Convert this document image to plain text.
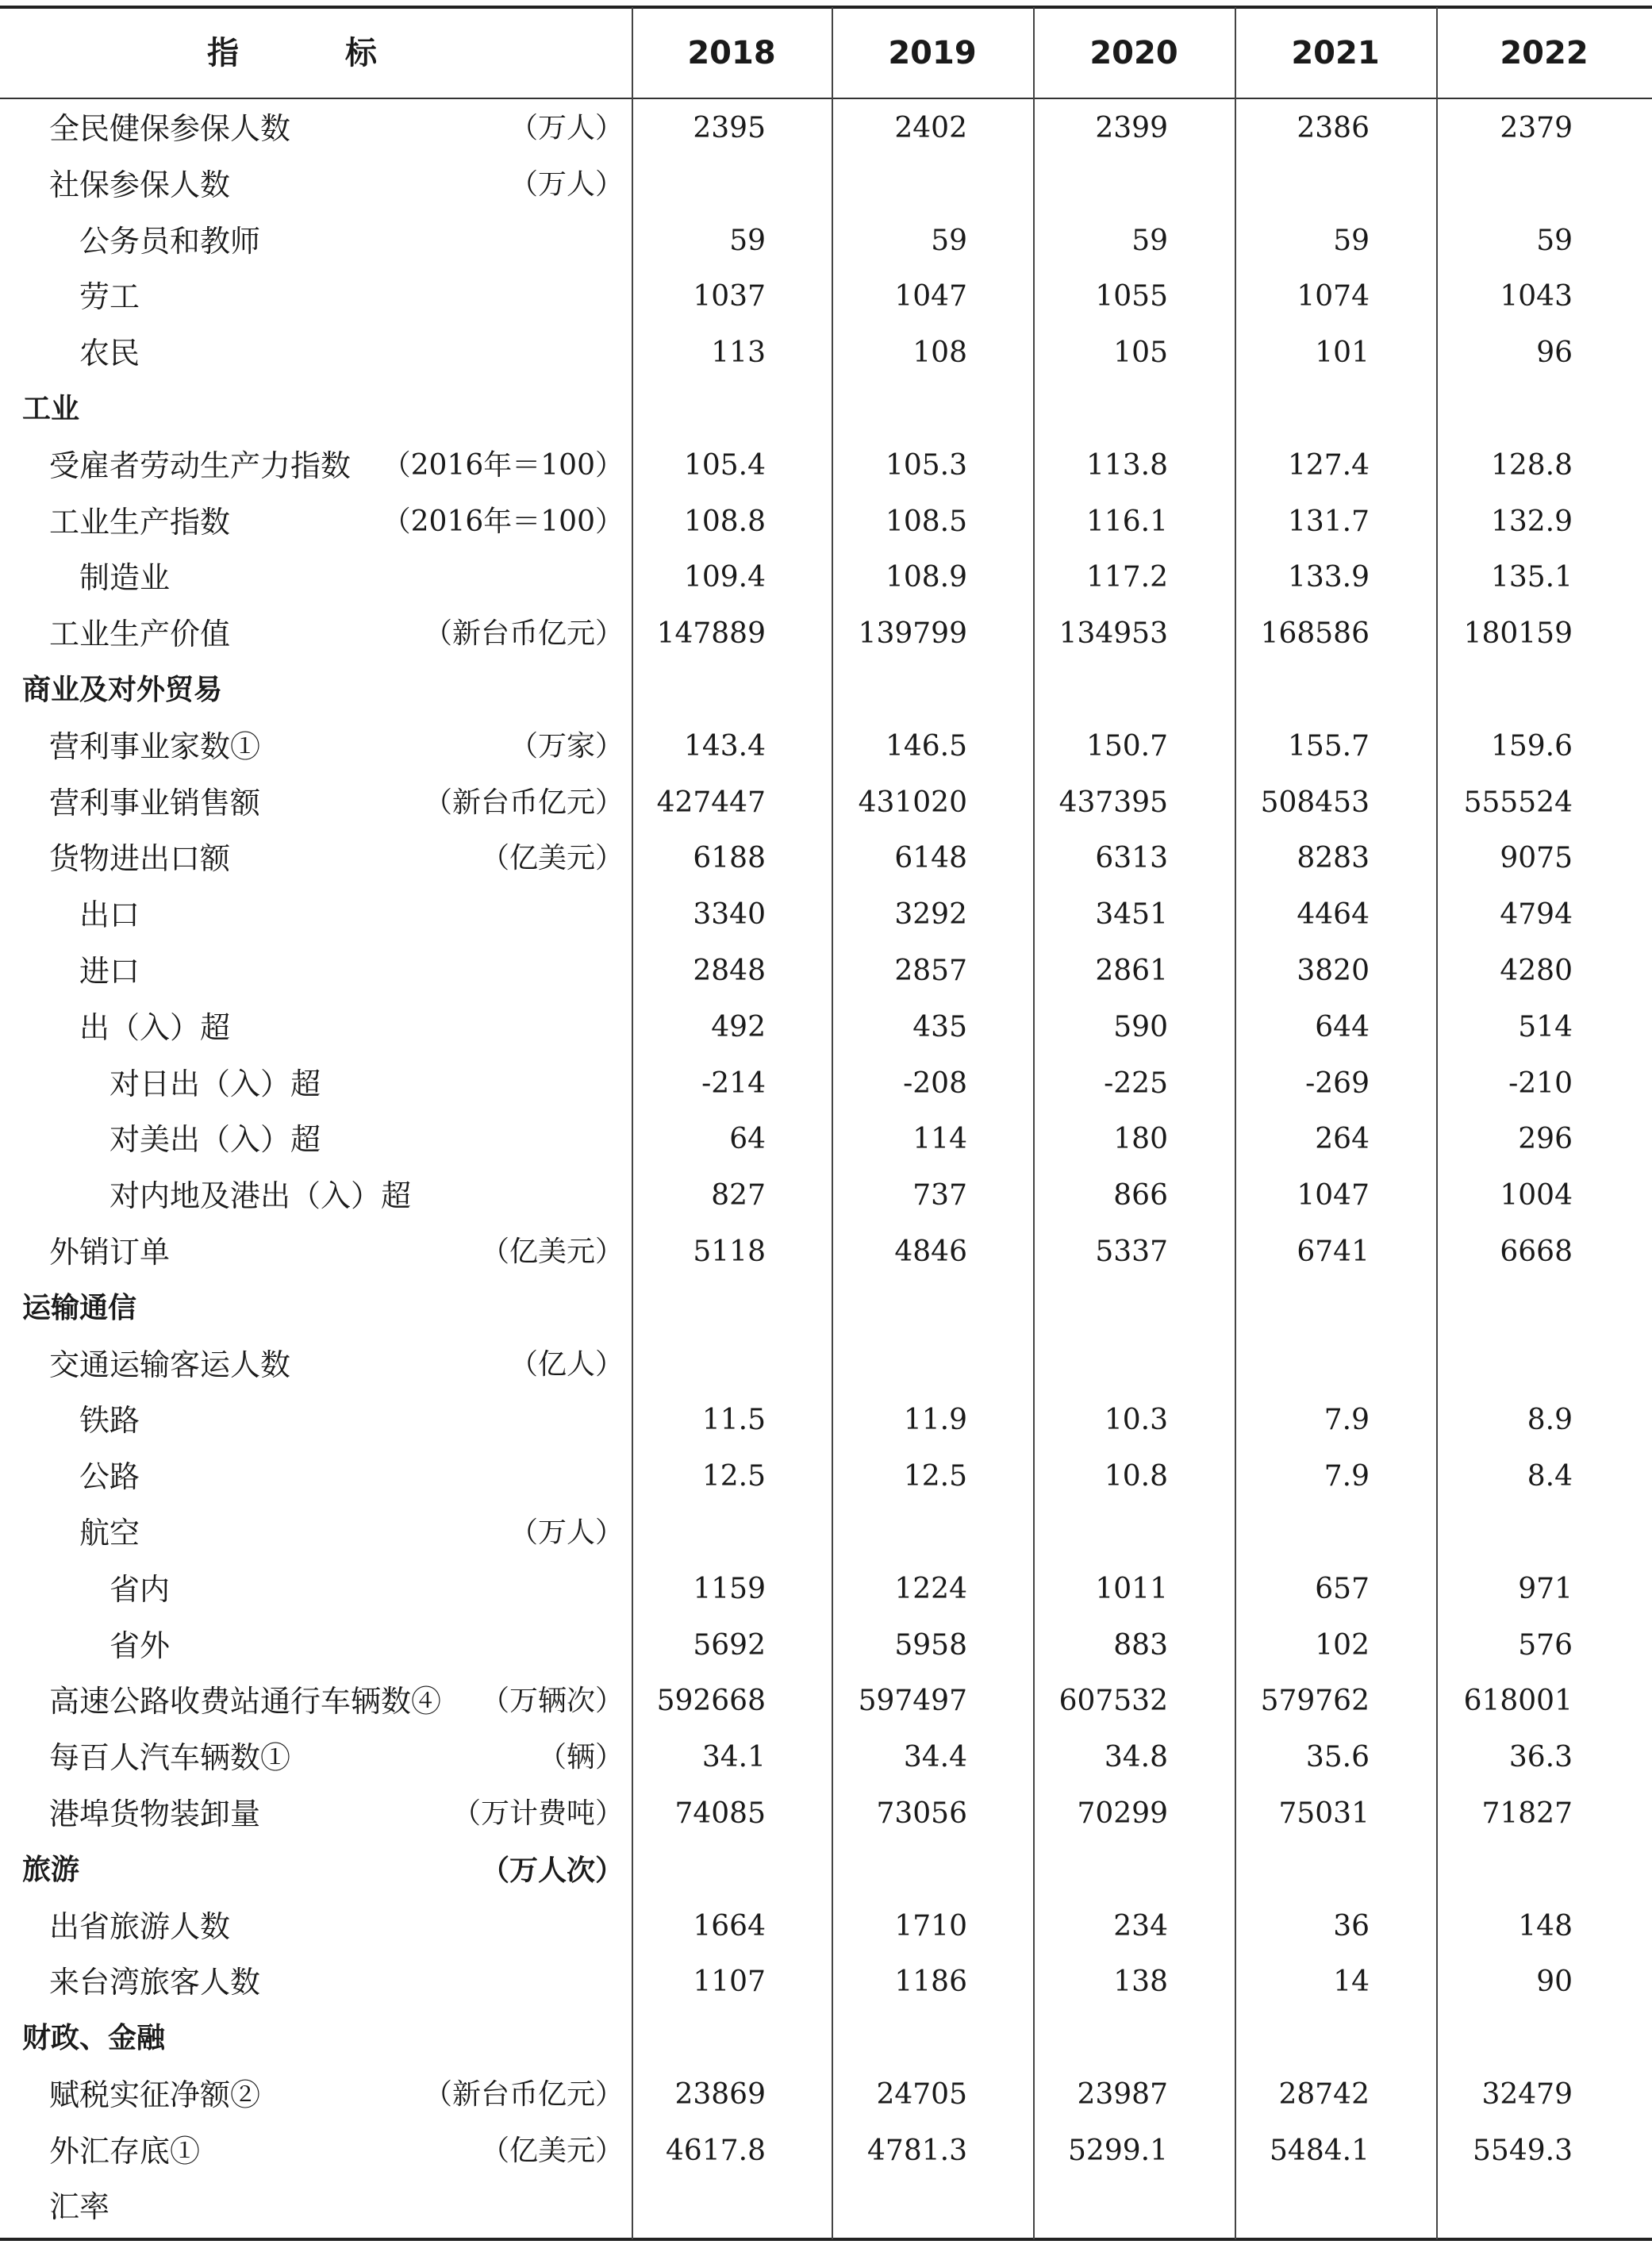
指 标	2018	2019	2020	2021	2022
全民健保参保人数	（万人） 2395	2402	2399	2386	2379
社保参保人数	（万人）
公务员和教师	59	59	59	59	59
劳工	1037	1047	1055	1074	1043
农民	113	108	105	101	96
工业
受雇者劳动生产力指数 （2016年＝100） 105.4	105.3	113.8	127.4	128.8
工业生产指数	（2016年＝100） 108.8	108.5	116.1	131.7	132.9
制造业	109.4	108.9	117.2	133.9	135.1
工业生产价值	（新台币亿元） 147889	139799	134953	168586	180159
商业及对外贸易
营利事业家数①	（万家） 143.4	146.5	150.7	155.7	159.6
营利事业销售额	（新台币亿元） 427447	431020	437395	508453	555524
货物进出口额	（亿美元） 6188	6148	6313	8283	9075
出口	3340	3292	3451	4464	4794
进口	2848	2857	2861	3820	4280
出（入）超	492	435	590	644	514
对日出（入）超	-214	-208	-225	-269	-210
对美出（入）超	64	114	180	264	296
对内地及港出（入）超	827	737	866	1047	1004
外销订单	（亿美元） 5118	4846	5337	6741	6668
运输通信
交通运输客运人数	（亿人）
铁路	11.5	11.9	10.3	7.9	8.9
公路	12.5	12.5	10.8	7.9	8.4
航空	（万人）
省内	1159	1224	1011	657	971
省外	5692	5958	883	102	576
高速公路收费站通行车辆数④ （万辆次） 592668	597497	607532	579762	618001
每百人汽车辆数①	（辆）	34.1	34.4	34.8	35.6	36.3
港埠货物装卸量	（万计费吨） 74085	73056	70299	75031	71827
旅游	（万人次）
出省旅游人数	1664	1710	234	36	148
来台湾旅客人数	1107	1186	138	14	90
财政、金融
赋税实征净额②	（新台币亿元） 23869	24705	23987	28742	32479
外汇存底①	（亿美元） 4617.8	4781.3	5299.1	5484.1	5549.3
汇率
